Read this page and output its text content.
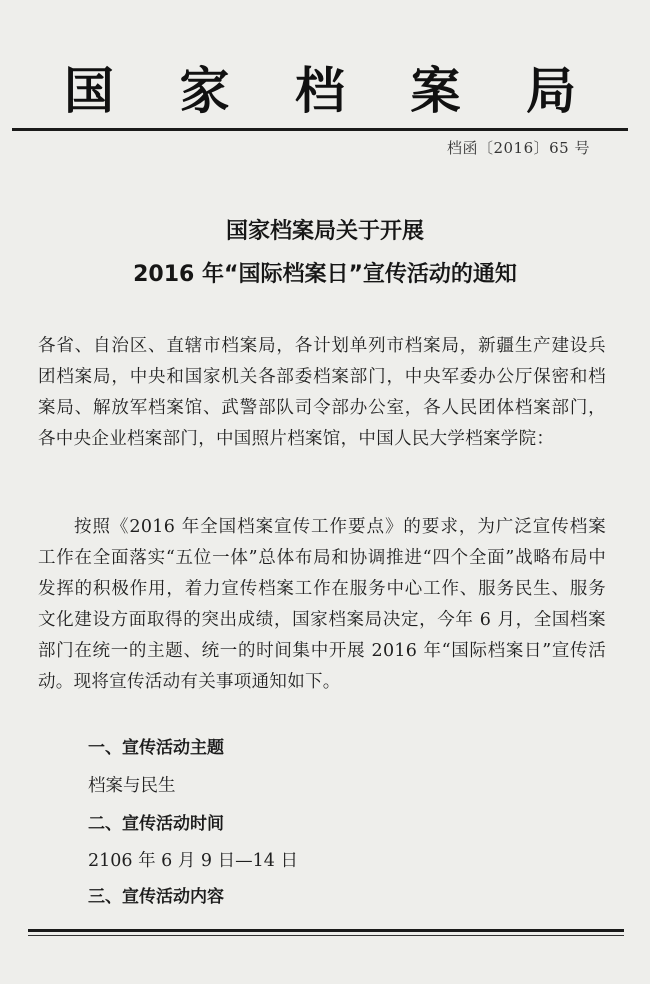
国 家 档 案 局
档函〔2016〕65 号
国家档案局关于开展
2016 年“国际档案日”宣传活动的通知

各省、自治区、直辖市档案局，各计划单列市档案局，新疆生产建设兵团档案局，中央和国家机关各部委档案部门，中央军委办公厅保密和档案局、解放军档案馆、武警部队司令部办公室，各人民团体档案部门，各中央企业档案部门，中国照片档案馆，中国人民大学档案学院：

按照《2016 年全国档案宣传工作要点》的要求，为广泛宣传档案工作在全面落实“五位一体”总体布局和协调推进“四个全面”战略布局中发挥的积极作用，着力宣传档案工作在服务中心工作、服务民生、服务文化建设方面取得的突出成绩，国家档案局决定，今年 6 月，全国档案部门在统一的主题、统一的时间集中开展 2016 年“国际档案日”宣传活动。现将宣传活动有关事项通知如下。

一、宣传活动主题
档案与民生
二、宣传活动时间
2106 年 6 月 9 日—14 日
三、宣传活动内容
